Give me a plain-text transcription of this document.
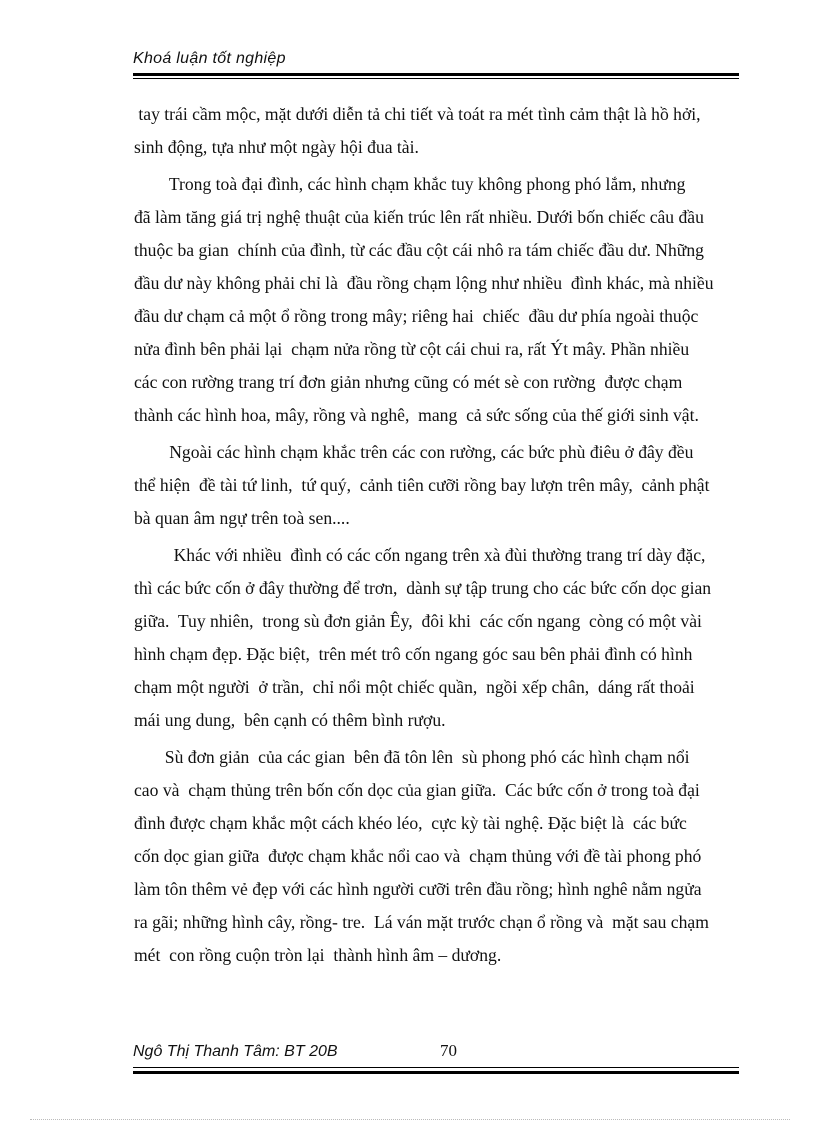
Khoá luận tốt nghiệp

tay trái cầm mộc, mặt dưới diễn tả chi tiết và toát ra mét tình cảm thật là hồ hởi,
sinh động, tựa như một ngày hội đua tài.

Trong toà đại đình, các hình chạm khắc tuy không phong phó lắm, nhưng
đã làm tăng giá trị nghệ thuật của kiến trúc lên rất nhiều. Dưới bốn chiếc câu đầu
thuộc ba gian  chính của đình, từ các đầu cột cái nhô ra tám chiếc đầu dư. Những
đầu dư này không phải chỉ là  đầu rồng chạm lộng như nhiều  đình khác, mà nhiều
đầu dư chạm cả một ổ rồng trong mây; riêng hai  chiếc  đầu dư phía ngoài thuộc
nửa đình bên phải lại  chạm nửa rồng từ cột cái chui ra, rất Ýt mây. Phần nhiều
các con rường trang trí đơn giản nhưng cũng có mét sè con rường  được chạm
thành các hình hoa, mây, rồng và nghê,  mang  cả sức sống của thế giới sinh vật.

Ngoài các hình chạm khắc trên các con rường, các bức phù điêu ở đây đều
thể hiện  đề tài tứ linh,  tứ quý,  cảnh tiên cưỡi rồng bay lượn trên mây,  cảnh phật
bà quan âm ngự trên toà sen....

Khác với nhiều  đình có các cốn ngang trên xà đùi thường trang trí dày đặc,
thì các bức cốn ở đây thường để trơn,  dành sự tập trung cho các bức cốn dọc gian
giữa.  Tuy nhiên,  trong sù đơn giản Êy,  đôi khi  các cốn ngang  còng có một vài
hình chạm đẹp. Đặc biệt,  trên mét trô cốn ngang góc sau bên phải đình có hình
chạm một người  ở trần,  chỉ nổi một chiếc quần,  ngồi xếp chân,  dáng rất thoải
mái ung dung,  bên cạnh có thêm bình rượu.

Sù đơn giản  của các gian  bên đã tôn lên  sù phong phó các hình chạm nổi
cao và  chạm thủng trên bốn cốn dọc của gian giữa.  Các bức cốn ở trong toà đại
đình được chạm khắc một cách khéo léo,  cực kỳ tài nghệ. Đặc biệt là  các bức
cốn dọc gian giữa  được chạm khắc nổi cao và  chạm thủng với đề tài phong phó
làm tôn thêm vẻ đẹp với các hình người cưỡi trên đầu rồng; hình nghê nằm ngửa
ra gãi; những hình cây, rồng- tre.  Lá ván mặt trước chạn ổ rồng và  mặt sau chạm
mét  con rồng cuộn tròn lại  thành hình âm – dương.

Ngô Thị Thanh Tâm: BT 20B	70
